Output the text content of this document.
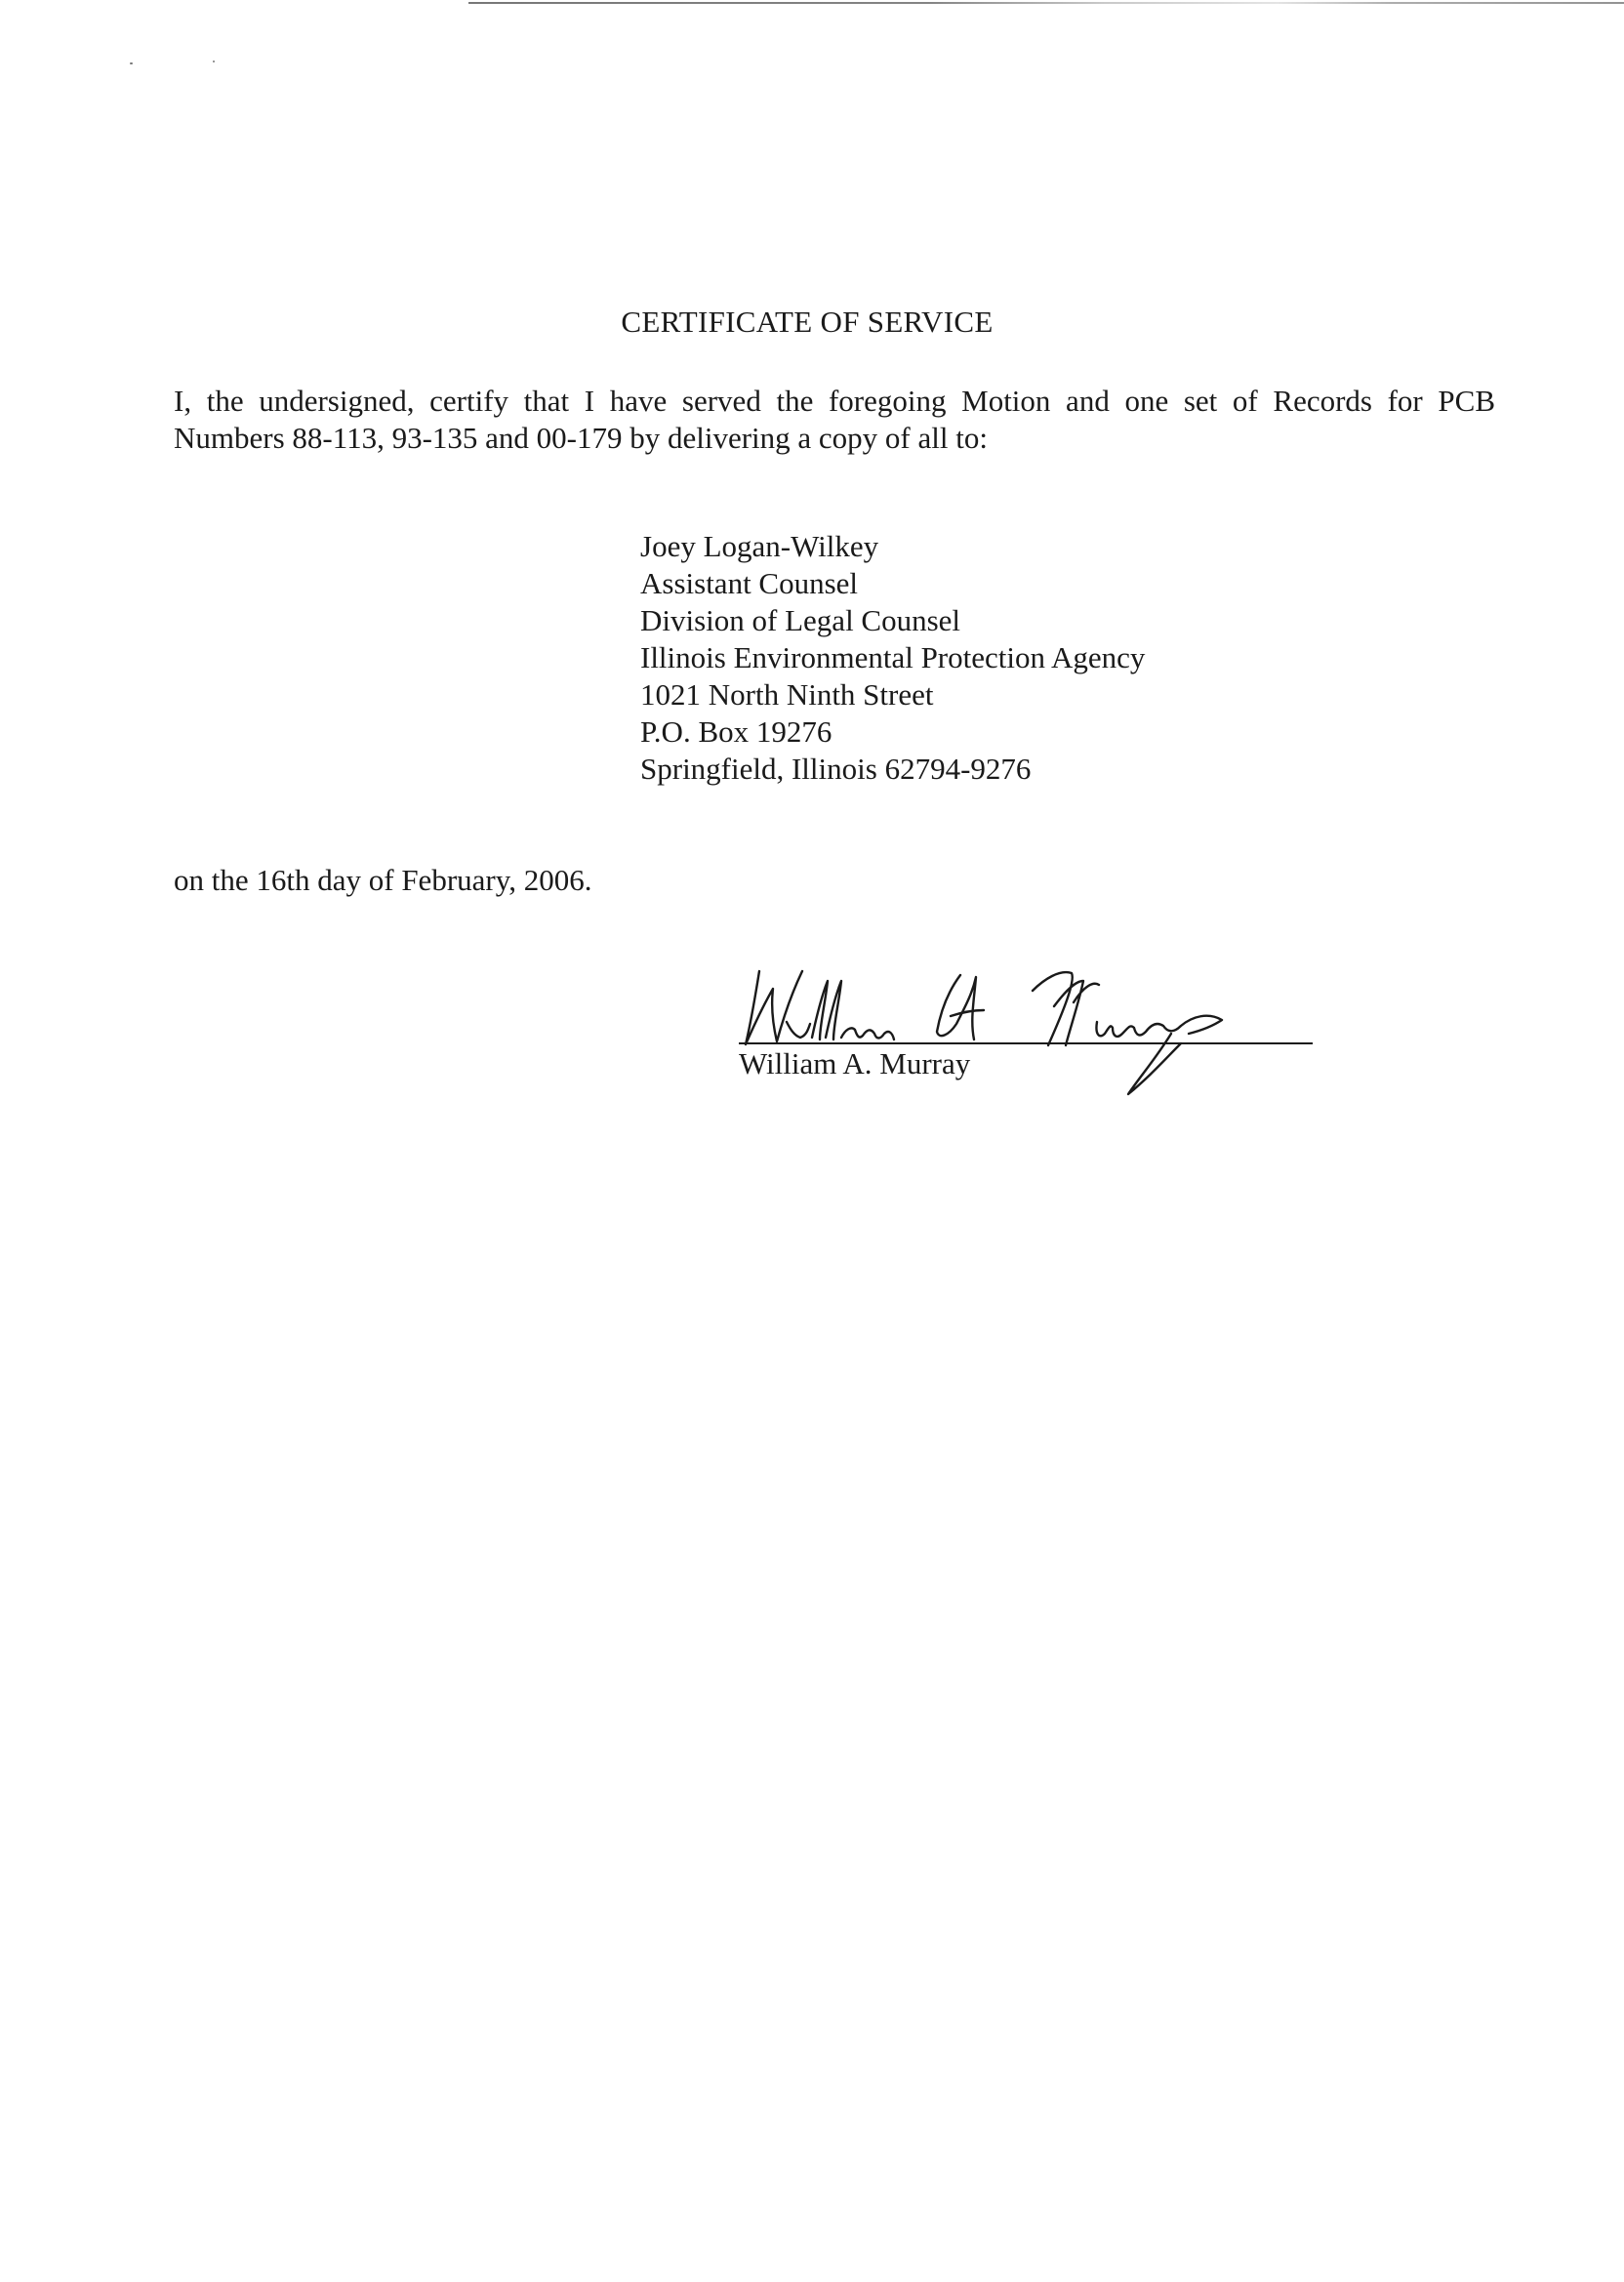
CERTIFICATE OF SERVICE
I, the undersigned, certify that I have served the foregoing Motion and one set of Records for PCB
Numbers 88-113, 93-135 and 00-179 by delivering a copy of all to:
Joey Logan-Wilkey
Assistant Counsel
Division of Legal Counsel
Illinois Environmental Protection Agency
1021 North Ninth Street
P.O. Box 19276
Springfield, Illinois 62794-9276
on the 16th day of February, 2006.
William A. Murray
